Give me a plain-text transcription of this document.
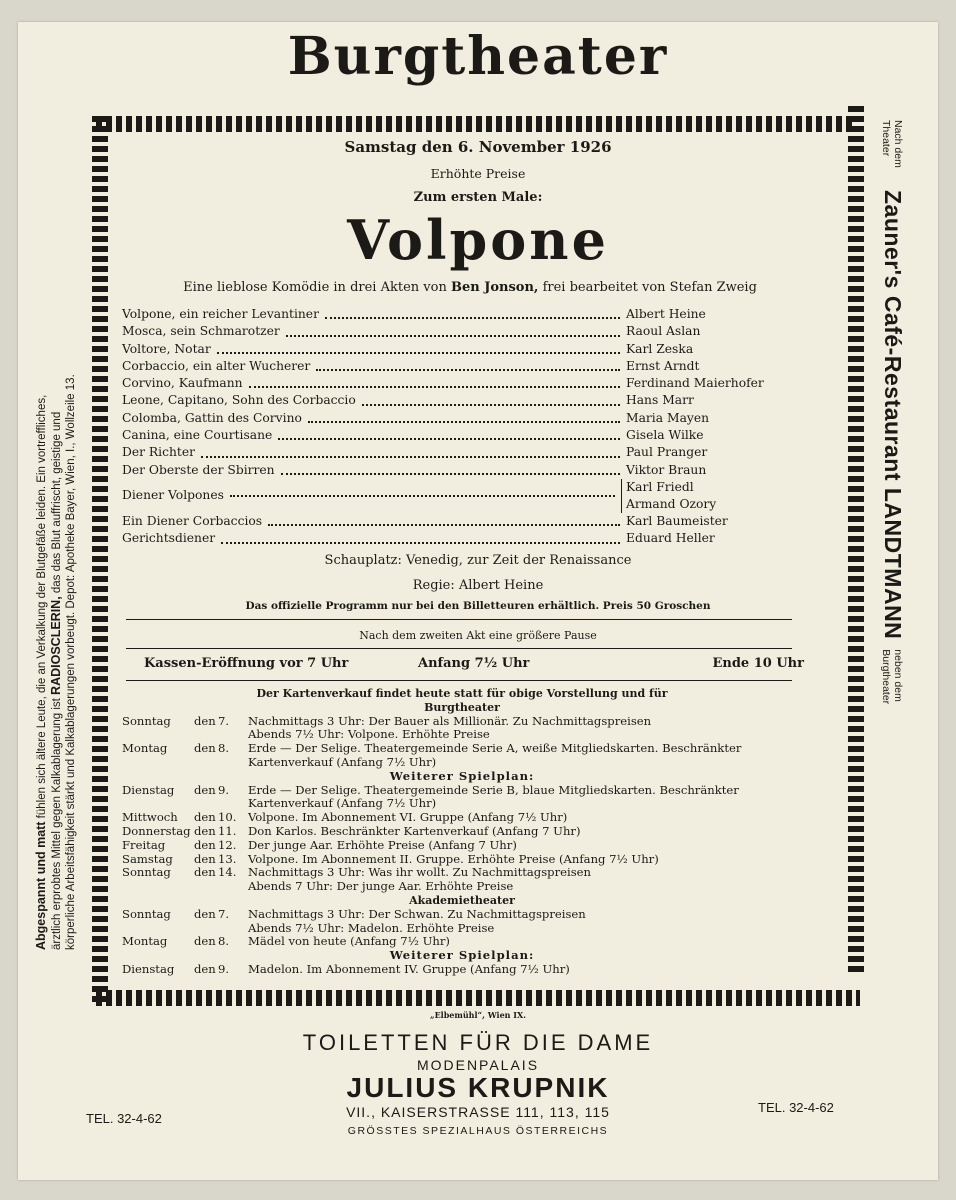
Burgtheater
Abgespannt und matt fühlen sich ältere Leute, die an Verkalkung der Blutgefäße leiden. Ein vortreffliches,
ärztlich erprobtes Mittel gegen Kalkablagerung ist RADIOSCLERIN, das das Blut auffrischt, geistige und körperliche Arbeitsfähigkeit stärkt und Kalkablagerungen vorbeugt. Depot: Apotheke Bayer, Wien, I., Wollzeile 13.
Nach dem Theater
Zauner's Café-Restaurant LANDTMANN
neben dem Burgtheater
Samstag den 6. November 1926
Erhöhte Preise
Zum ersten Male:
Volpone
Eine lieblose Komödie in drei Akten von Ben Jonson, frei bearbeitet von Stefan Zweig
Volpone, ein reicher Levantiner	Albert Heine
Mosca, sein Schmarotzer	Raoul Aslan
Voltore, Notar	Karl Zeska
Corbaccio, ein alter Wucherer	Ernst Arndt
Corvino, Kaufmann	Ferdinand Maierhofer
Leone, Capitano, Sohn des Corbaccio	Hans Marr
Colomba, Gattin des Corvino	Maria Mayen
Canina, eine Courtisane	Gisela Wilke
Der Richter	Paul Pranger
Der Oberste der Sbirren	Viktor Braun
Diener Volpones
Karl Friedl
Armand Ozory
Ein Diener Corbaccios	Karl Baumeister
Gerichtsdiener	Eduard Heller
Schauplatz: Venedig, zur Zeit der Renaissance
Regie: Albert Heine
Das offizielle Programm nur bei den Billetteuren erhältlich. Preis 50 Groschen
Nach dem zweiten Akt eine größere Pause
Kassen-Eröffnung vor 7 Uhr	Anfang 7½ Uhr	Ende 10 Uhr
Der Kartenverkauf findet heute statt für obige Vorstellung und für
Burgtheater
Sonntag	den 7.	Nachmittags 3 Uhr: Der Bauer als Millionär. Zu Nachmittagspreisen
Abends 7½ Uhr: Volpone. Erhöhte Preise
Montag	den 8.	Erde — Der Selige. Theatergemeinde Serie A, weiße Mitgliedskarten. Beschränkter Kartenverkauf (Anfang 7½ Uhr)
Weiterer Spielplan:
Dienstag	den 9.	Erde — Der Selige. Theatergemeinde Serie B, blaue Mitgliedskarten. Beschränkter Kartenverkauf (Anfang 7½ Uhr)
Mittwoch	den 10. Volpone. Im Abonnement VI. Gruppe (Anfang 7½ Uhr)
Donnerstag den 11. Don Karlos. Beschränkter Kartenverkauf (Anfang 7 Uhr)
Freitag	den 12. Der junge Aar. Erhöhte Preise (Anfang 7 Uhr)
Samstag	den 13. Volpone. Im Abonnement II. Gruppe. Erhöhte Preise (Anfang 7½ Uhr)
Sonntag	den 14. Nachmittags 3 Uhr: Was ihr wollt. Zu Nachmittagspreisen
Abends 7 Uhr: Der junge Aar. Erhöhte Preise
Akademietheater
Sonntag	den 7.	Nachmittags 3 Uhr: Der Schwan. Zu Nachmittagspreisen
Abends 7½ Uhr: Madelon. Erhöhte Preise
Montag	den 8.	Mädel von heute (Anfang 7½ Uhr)
Weiterer Spielplan:
Dienstag	den 9.	Madelon. Im Abonnement IV. Gruppe (Anfang 7½ Uhr)
„Elbemühl“, Wien IX.
TOILETTEN FÜR DIE DAME
MODENPALAIS
JULIUS KRUPNIK
VII., KAISERSTRASSE 111, 113, 115
GRÖSSTES SPEZIALHAUS ÖSTERREICHS
TEL. 32-4-62
TEL. 32-4-62
